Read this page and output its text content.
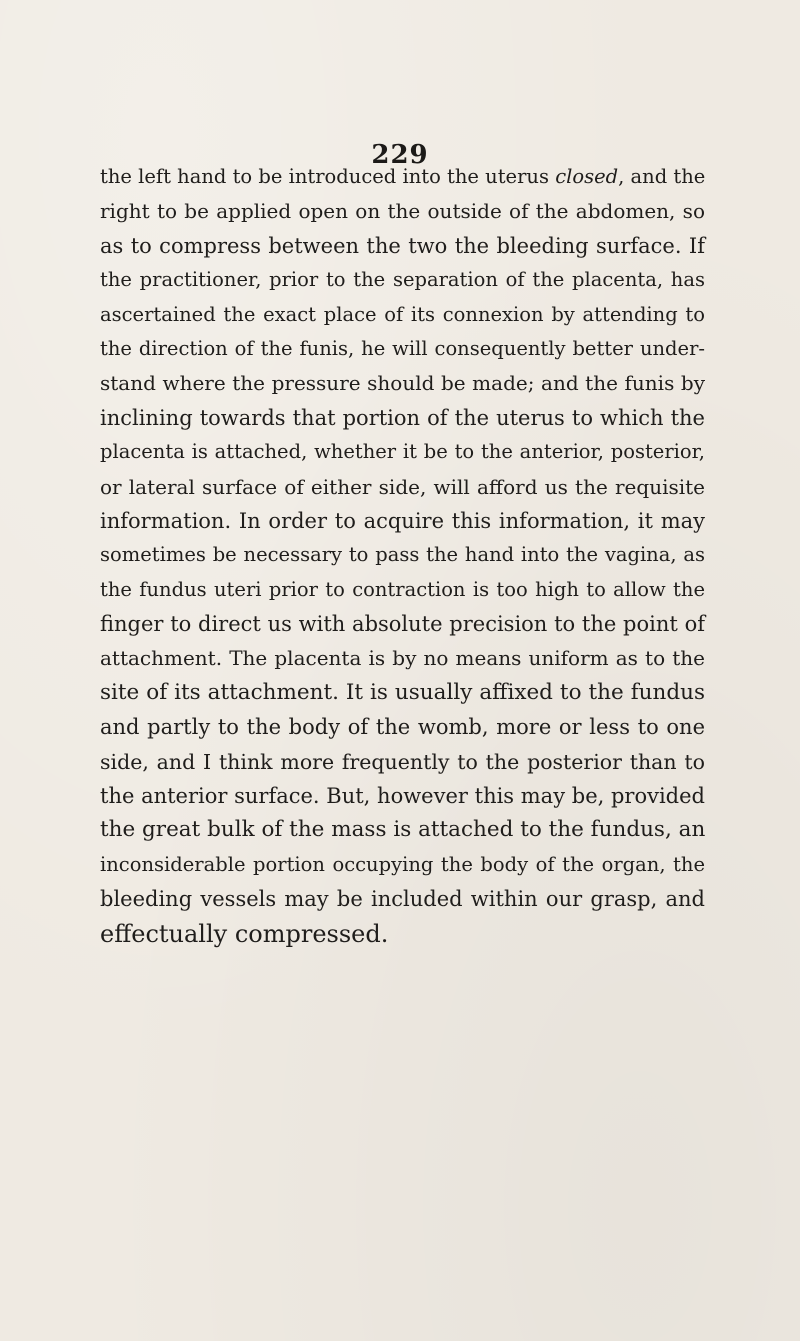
229
the left hand to be introduced into the uterus closed, and the
right to be applied open on the outside of the abdomen, so
as to compress between the two the bleeding surface. If
the practitioner, prior to the separation of the placenta, has
ascertained the exact place of its connexion by attending to
the direction of the funis, he will consequently better under-
stand where the pressure should be made; and the funis by
inclining towards that portion of the uterus to which the
placenta is attached, whether it be to the anterior, posterior,
or lateral surface of either side, will afford us the requisite
information. In order to acquire this information, it may
sometimes be necessary to pass the hand into the vagina, as
the fundus uteri prior to contraction is too high to allow the
finger to direct us with absolute precision to the point of
attachment. The placenta is by no means uniform as to the
site of its attachment. It is usually affixed to the fundus
and partly to the body of the womb, more or less to one
side, and I think more frequently to the posterior than to
the anterior surface. But, however this may be, provided
the great bulk of the mass is attached to the fundus, an
inconsiderable portion occupying the body of the organ, the
bleeding vessels may be included within our grasp, and
effectually compressed.
